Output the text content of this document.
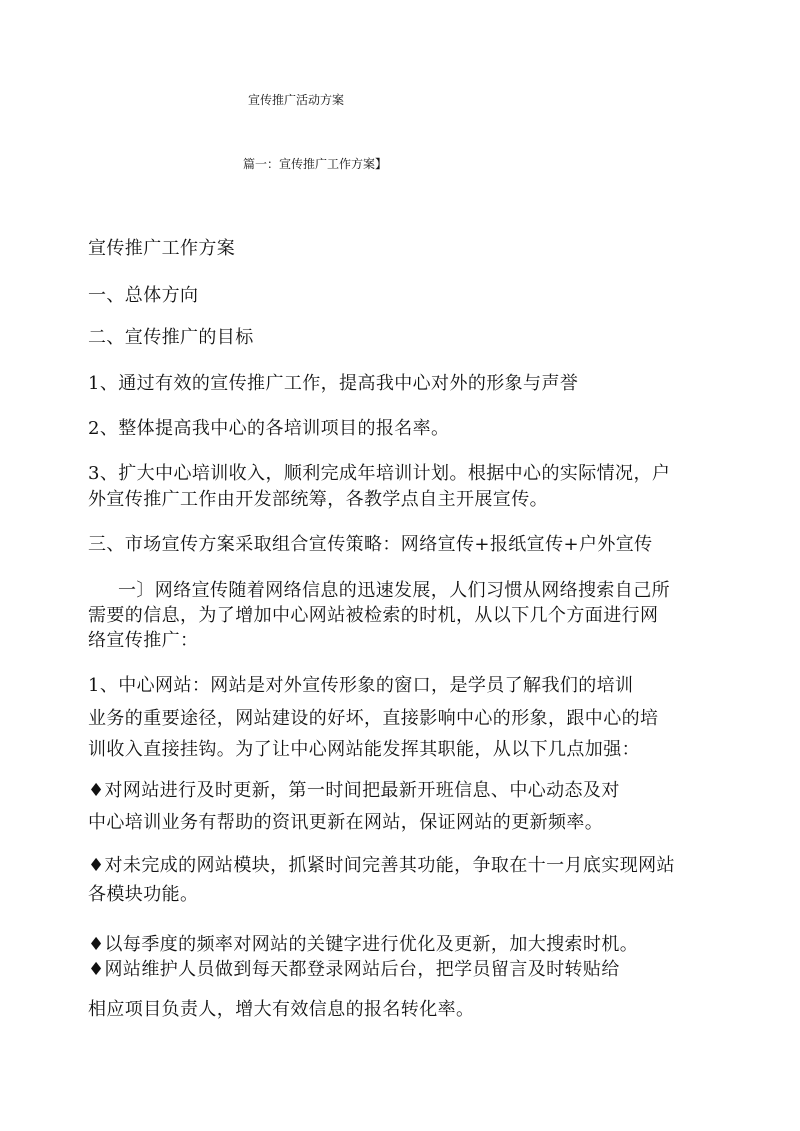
宣传推广活动方案

篇一：宣传推广工作方案】

宣传推广工作方案

一、总体方向

二、宣传推广的目标

1、通过有效的宣传推广工作，提高我中心对外的形象与声誉

2、整体提高我中心的各培训项目的报名率。

3、扩大中心培训收入，顺利完成年培训计划。根据中心的实际情况，户

外宣传推广工作由开发部统筹，各教学点自主开展宣传。

三、市场宣传方案采取组合宣传策略：网络宣传+报纸宣传+户外宣传

一〕网络宣传随着网络信息的迅速发展，人们习惯从网络搜索自己所

需要的信息，为了增加中心网站被检索的时机，从以下几个方面进行网

络宣传推广：

1、中心网站：网站是对外宣传形象的窗口，是学员了解我们的培训

业务的重要途径，网站建设的好坏，直接影响中心的形象，跟中心的培

训收入直接挂钩。为了让中心网站能发挥其职能，从以下几点加强：

♦对网站进行及时更新，第一时间把最新开班信息、中心动态及对

中心培训业务有帮助的资讯更新在网站，保证网站的更新频率。

♦对未完成的网站模块，抓紧时间完善其功能，争取在十一月底实现网站

各模块功能。

♦以每季度的频率对网站的关键字进行优化及更新，加大搜索时机。

♦网站维护人员做到每天都登录网站后台，把学员留言及时转贴给

相应项目负责人，增大有效信息的报名转化率。
